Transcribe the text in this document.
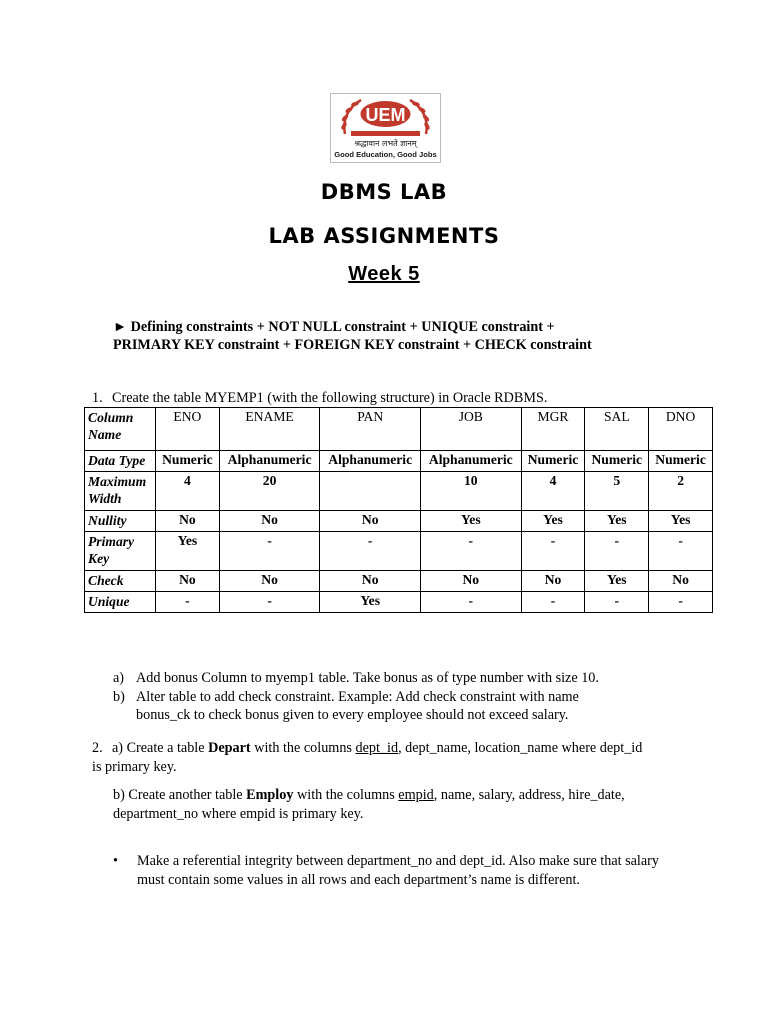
UEM
श्रद्धावान लभते ज्ञानम्
Good Education, Good Jobs
DBMS LAB
LAB ASSIGNMENTS
Week 5
► Defining constraints + NOT NULL constraint + UNIQUE constraint +
PRIMARY KEY constraint + FOREIGN KEY constraint + CHECK constraint
1. Create the table MYEMP1 (with the following structure) in Oracle RDBMS.
Column Name	ENO	ENAME	PAN	JOB	MGR	SAL	DNO
Data Type	Numeric	Alphanumeric	Alphanumeric	Alphanumeric	Numeric	Numeric	Numeric
Maximum Width	4	20		10	4	5	2
Nullity	No	No	No	Yes	Yes	Yes	Yes
Primary Key	Yes	-	-	-	-	-	-
Check	No	No	No	No	No	Yes	No
Unique	-	-	Yes	-	-	-	-
a) Add bonus Column to myemp1 table. Take bonus as of type number with size 10.
b) Alter table to add check constraint. Example: Add check constraint with name bonus_ck to check bonus given to every employee should not exceed salary.
2. a) Create a table Depart with the columns dept_id, dept_name, location_name where dept_id is primary key.
b) Create another table Employ with the columns empid, name, salary, address, hire_date, department_no where empid is primary key.
•	Make a referential integrity between department_no and dept_id. Also make sure that salary must contain some values in all rows and each department’s name is different.
